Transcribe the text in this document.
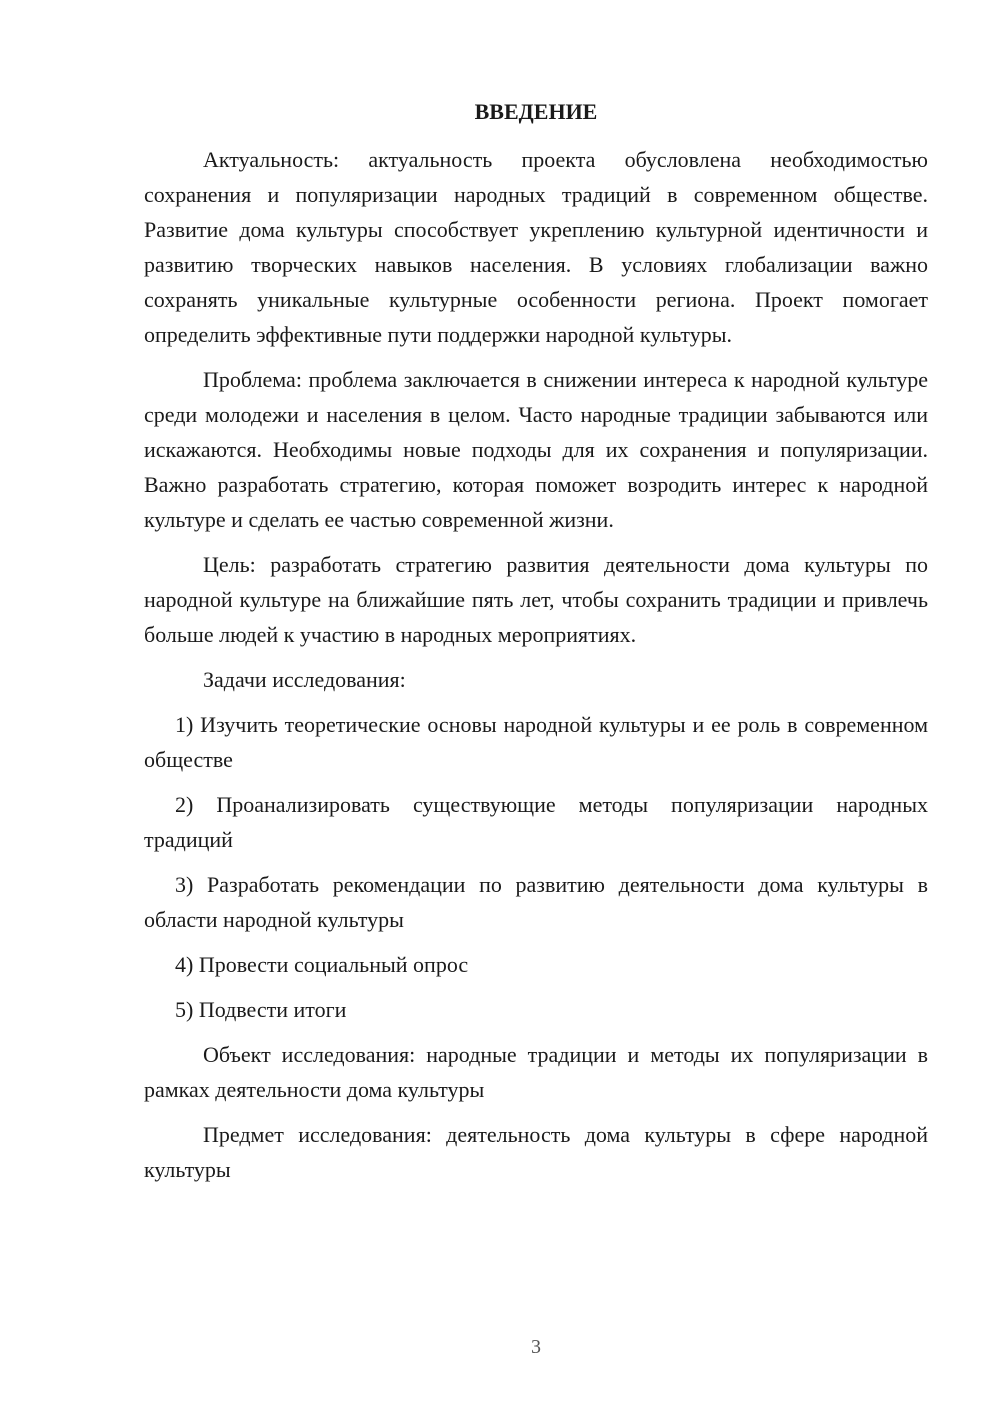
ВВЕДЕНИЕ

Актуальность: актуальность проекта обусловлена необходимостью сохранения и популяризации народных традиций в современном обществе. Развитие дома культуры способствует укреплению культурной идентичности и развитию творческих навыков населения. В условиях глобализации важно сохранять уникальные культурные особенности региона. Проект помогает определить эффективные пути поддержки народной культуры.

Проблема: проблема заключается в снижении интереса к народной культуре среди молодежи и населения в целом. Часто народные традиции забываются или искажаются. Необходимы новые подходы для их сохранения и популяризации. Важно разработать стратегию, которая поможет возродить интерес к народной культуре и сделать ее частью современной жизни.

Цель: разработать стратегию развития деятельности дома культуры по народной культуре на ближайшие пять лет, чтобы сохранить традиции и привлечь больше людей к участию в народных мероприятиях.

Задачи исследования:

1) Изучить теоретические основы народной культуры и ее роль в современном обществе

2) Проанализировать существующие методы популяризации народных традиций

3) Разработать рекомендации по развитию деятельности дома культуры в области народной культуры

4) Провести социальный опрос

5) Подвести итоги

Объект исследования: народные традиции и методы их популяризации в рамках деятельности дома культуры

Предмет исследования: деятельность дома культуры в сфере народной культуры

3
